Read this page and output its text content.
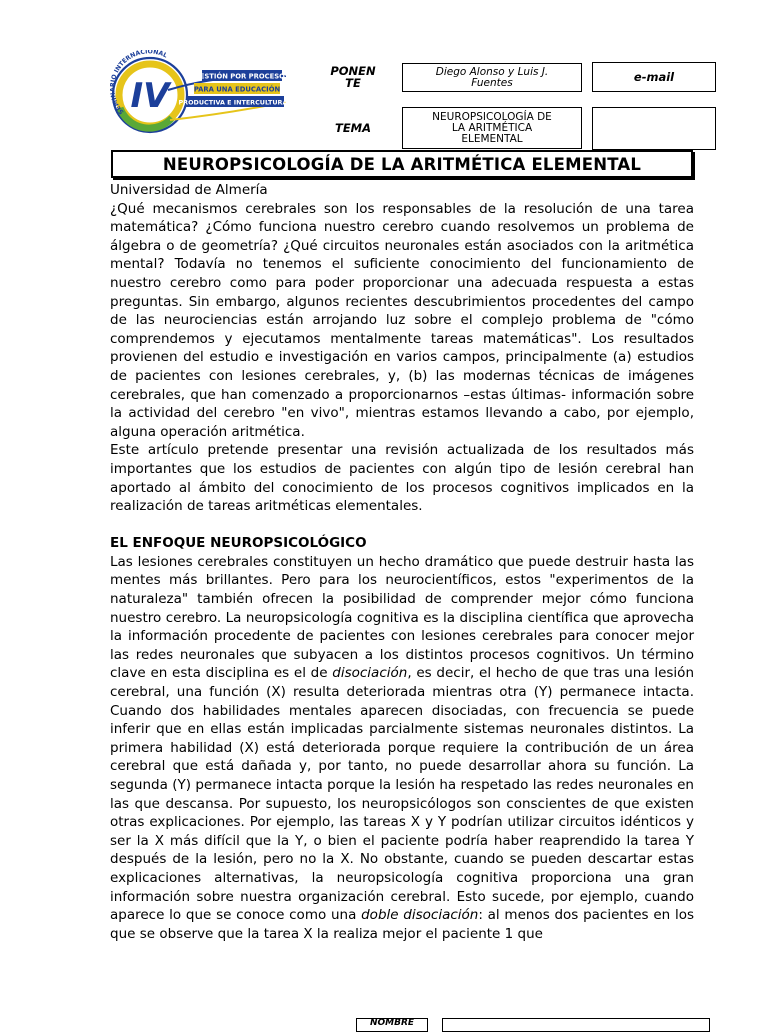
SEMIN RIO INTERNACIONAL
IV	GESTIÓN POR PROCESOS
PARA UNA EDUCACIÓN
PRODUCTIVA E INTERCULTURAL
PONEN
TE
Diego Alonso y Luis J.
Fuentes	e-mail
TEMA
NEUROPSICOLOGÍA DE
LA ARITMÉTICA
ELEMENTAL
NEUROPSICOLOGÍA DE LA ARITMÉTICA ELEMENTAL

Universidad de Almería

¿Qué mecanismos cerebrales son los responsables de la resolución de una tarea matemática? ¿Cómo funciona nuestro cerebro cuando resolvemos un problema de álgebra o de geometría? ¿Qué circuitos neuronales están asociados con la aritmética mental? Todavía no tenemos el suficiente conocimiento del funcionamiento de nuestro cerebro como para poder proporcionar una adecuada respuesta a estas preguntas. Sin embargo, algunos recientes descubrimientos procedentes del campo de las neurociencias están arrojando luz sobre el complejo problema de "cómo comprendemos y ejecutamos mentalmente tareas matemáticas". Los resultados provienen del estudio e investigación en varios campos, principalmente (a) estudios de pacientes con lesiones cerebrales, y, (b) las modernas técnicas de imágenes cerebrales, que han comenzado a proporcionarnos –estas últimas- información sobre la actividad del cerebro "en vivo", mientras estamos llevando a cabo, por ejemplo, alguna operación aritmética.

Este artículo pretende presentar una revisión actualizada de los resultados más importantes que los estudios de pacientes con algún tipo de lesión cerebral han aportado al ámbito del conocimiento de los procesos cognitivos implicados en la realización de tareas aritméticas elementales.

EL ENFOQUE NEUROPSICOLÓGICO

Las lesiones cerebrales constituyen un hecho dramático que puede destruir hasta las mentes más brillantes. Pero para los neurocientíficos, estos "experimentos de la naturaleza" también ofrecen la posibilidad de comprender mejor cómo funciona nuestro cerebro. La neuropsicología cognitiva es la disciplina científica que aprovecha la información procedente de pacientes con lesiones cerebrales para conocer mejor las redes neuronales que subyacen a los distintos procesos cognitivos. Un término clave en esta disciplina es el de disociación, es decir, el hecho de que tras una lesión cerebral, una función (X) resulta deteriorada mientras otra (Y) permanece intacta. Cuando dos habilidades mentales aparecen disociadas, con frecuencia se puede inferir que en ellas están implicadas parcialmente sistemas neuronales distintos. La primera habilidad (X) está deteriorada porque requiere la contribución de un área cerebral que está dañada y, por tanto, no puede desarrollar ahora su función. La segunda (Y) permanece intacta porque la lesión ha respetado las redes neuronales en las que descansa. Por supuesto, los neuropsicólogos son conscientes de que existen otras explicaciones. Por ejemplo, las tareas X y Y podrían utilizar circuitos idénticos y ser la X más difícil que la Y, o bien el paciente podría haber reaprendido la tarea Y después de la lesión, pero no la X. No obstante, cuando se pueden descartar estas explicaciones alternativas, la neuropsicología cognitiva proporciona una gran información sobre nuestra organización cerebral. Esto sucede, por ejemplo, cuando aparece lo que se conoce como una doble disociación: al menos dos pacientes en los que se observe que la tarea X la realiza mejor el paciente 1 que

NOMBRE
